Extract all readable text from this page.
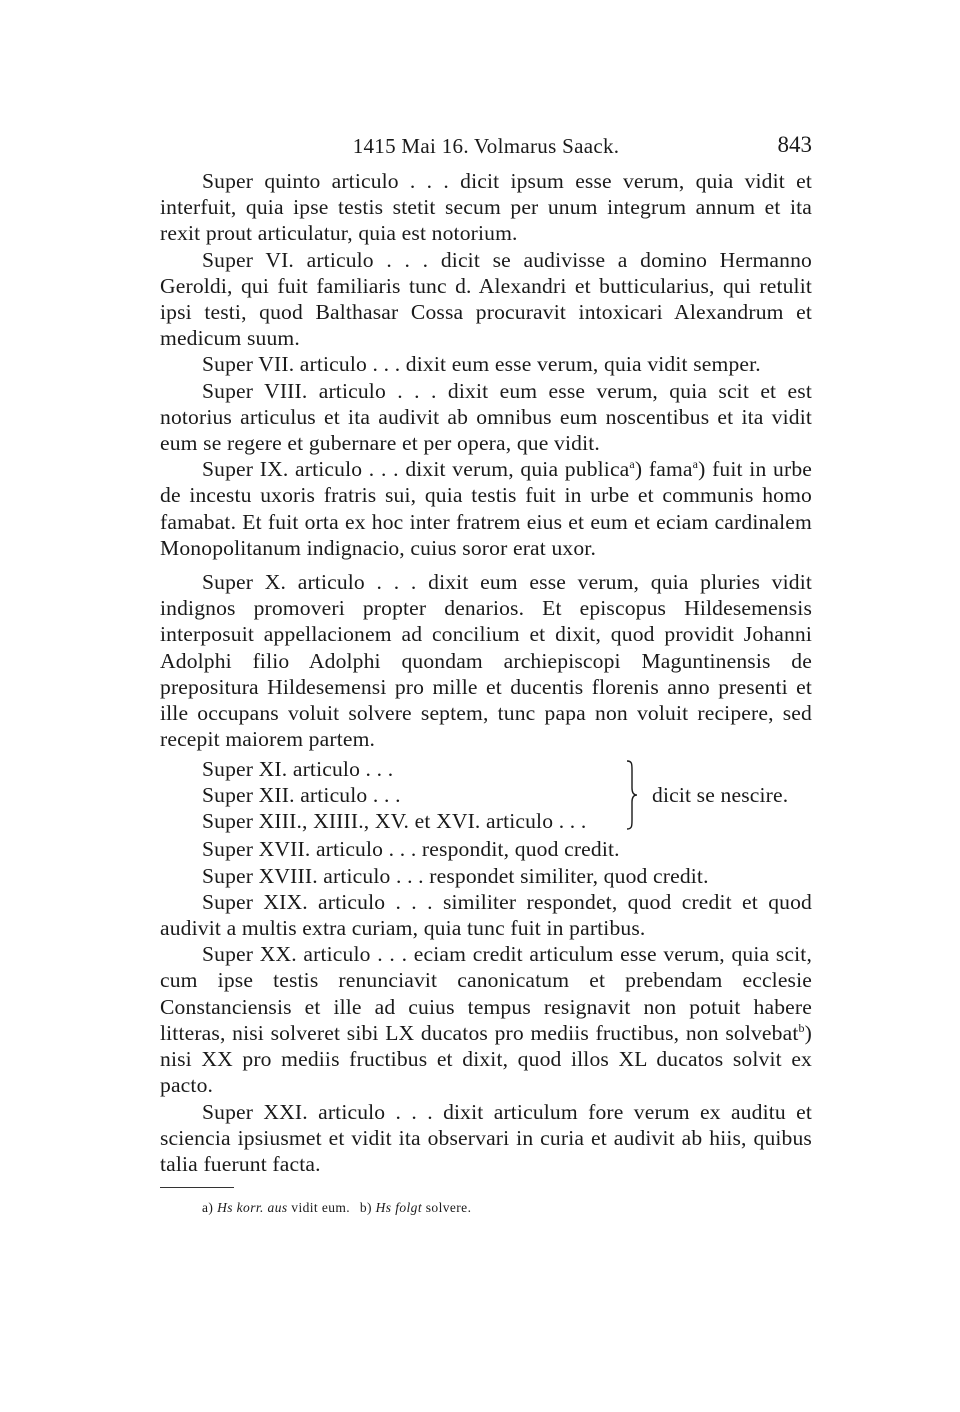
1415 Mai 16. Volmarus Saack.	843

Super quinto articulo . . . dicit ipsum esse verum, quia vidit et interfuit, quia ipse testis stetit secum per unum integrum annum et ita rexit prout articulatur, quia est notorium.

Super VI. articulo . . . dicit se audivisse a domino Hermanno Geroldi, qui fuit familiaris tunc d. Alexandri et butticularius, qui retulit ipsi testi, quod Balthasar Cossa procuravit intoxicari Alexandrum et medicum suum.

Super VII. articulo . . . dixit eum esse verum, quia vidit semper.

Super VIII. articulo . . . dixit eum esse verum, quia scit et est notorius articulus et ita audivit ab omnibus eum noscentibus et ita vidit eum se regere et gubernare et per opera, que vidit.

Super IX. articulo . . . dixit verum, quia publica$^a$) fama$^a$) fuit in urbe de incestu uxoris fratris sui, quia testis fuit in urbe et communis homo famabat. Et fuit orta ex hoc inter fratrem eius et eum et eciam cardinalem Monopolitanum indignacio, cuius soror erat uxor.

Super X. articulo . . . dixit eum esse verum, quia pluries vidit indignos promoveri propter denarios. Et episcopus Hildesemensis interposuit appellacionem ad concilium et dixit, quod providit Johanni Adolphi filio Adolphi quondam archiepiscopi Maguntinensis de prepositura Hildesemensi pro mille et ducentis florenis anno presenti et ille occupans voluit solvere septem, tunc papa non voluit recipere, sed recepit maiorem partem.

Super XI. articulo . . .
Super XII. articulo . . .
Super XIII., XIIII., XV. et XVI. articulo . . .
dicit se nescire.

Super XVII. articulo . . . respondit, quod credit.

Super XVIII. articulo . . . respondet similiter, quod credit.

Super XIX. articulo . . . similiter respondet, quod credit et quod audivit a multis extra curiam, quia tunc fuit in partibus.

Super XX. articulo . . . eciam credit articulum esse verum, quia scit, cum ipse testis renunciavit canonicatum et prebendam ecclesie Constanciensis et ille ad cuius tempus resignavit non potuit habere litteras, nisi solveret sibi LX ducatos pro mediis fructibus, non solvebat$^b$) nisi XX pro mediis fructibus et dixit, quod illos XL ducatos solvit ex pacto.

Super XXI. articulo . . . dixit articulum fore verum ex auditu et sciencia ipsiusmet et vidit ita observari in curia et audivit ab hiis, quibus talia fuerunt facta.

a) Hs korr. aus vidit eum. b) Hs folgt solvere.
